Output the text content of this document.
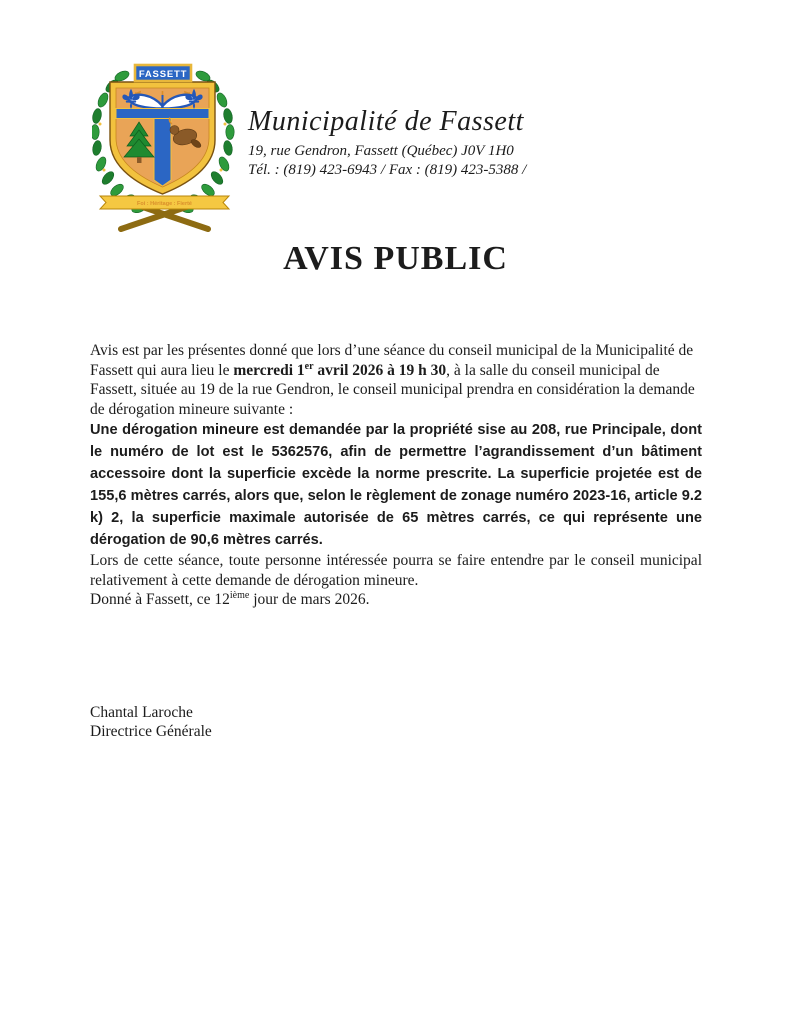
Foi : Héritage : Fierté
FASSETT
Municipalité de Fassett
19, rue Gendron, Fassett (Québec) J0V 1H0
Tél. : (819) 423-6943 / Fax : (819) 423-5388 /
AVIS PUBLIC

Avis est par les présentes donné que lors d’une séance du conseil municipal de la Municipalité de Fassett qui aura lieu le mercredi 1er avril 2026 à 19 h 30, à la salle du conseil municipal de Fassett, située au 19 de la rue Gendron, le conseil municipal prendra en considération la demande de dérogation mineure suivante :

Une dérogation mineure est demandée par la propriété sise au 208, rue Principale, dont le numéro de lot est le 5362576, afin de permettre l’agrandissement d’un bâtiment accessoire dont la superficie excède la norme prescrite. La superficie projetée est de 155,6 mètres carrés, alors que, selon le règlement de zonage numéro 2023-16, article 9.2 k) 2, la superficie maximale autorisée de 65 mètres carrés, ce qui représente une dérogation de 90,6 mètres carrés.

Lors de cette séance, toute personne intéressée pourra se faire entendre par le conseil municipal relativement à cette demande de dérogation mineure.

Donné à Fassett, ce 12ième jour de mars 2026.

Chantal Laroche
Directrice Générale
